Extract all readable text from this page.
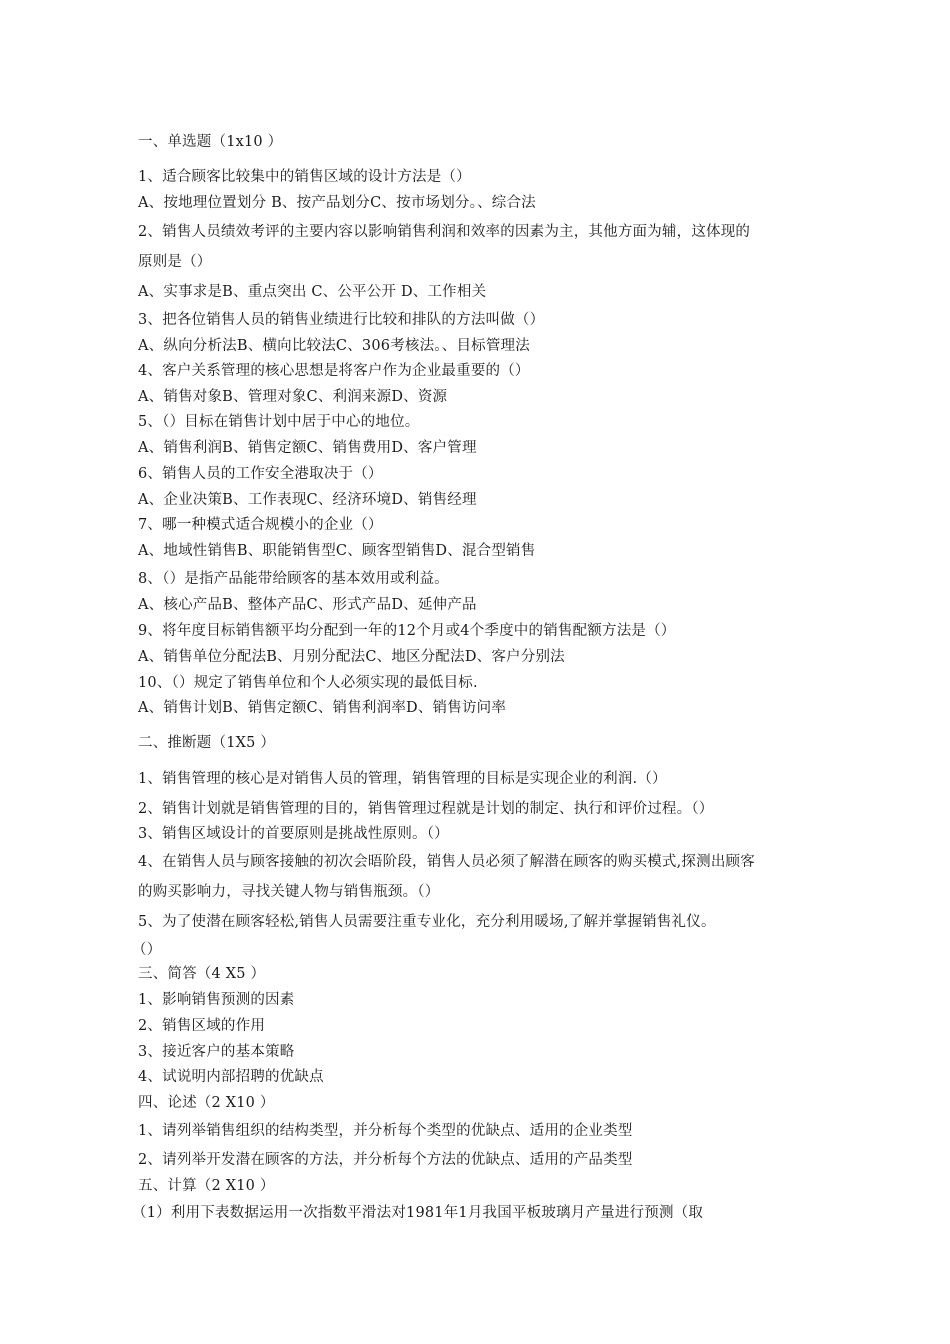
一、单选题（1x10 ）
1、适合顾客比较集中的销售区域的设计方法是（）
A、按地理位置划分 B、按产品划分C、按市场划分。、综合法
2、销售人员绩效考评的主要内容以影响销售利润和效率的因素为主，其他方面为辅，这体现的
原则是（）
A、实事求是B、重点突出 C、公平公开 D、工作相关
3、把各位销售人员的销售业绩进行比较和排队的方法叫做（）
A、纵向分析法B、横向比较法C、306考核法。、目标管理法
4、客户关系管理的核心思想是将客户作为企业最重要的（）
A、销售对象B、管理对象C、利润来源D、资源
5、（）目标在销售计划中居于中心的地位。
A、销售利润B、销售定额C、销售费用D、客户管理
6、销售人员的工作安全港取决于（）
A、企业决策B、工作表现C、经济环境D、销售经理
7、哪一种模式适合规模小的企业（）
A、地域性销售B、职能销售型C、顾客型销售D、混合型销售
8、（）是指产品能带给顾客的基本效用或利益。
A、核心产品B、整体产品C、形式产品D、延伸产品
9、将年度目标销售额平均分配到一年的12个月或4个季度中的销售配额方法是（）
A、销售单位分配法B、月别分配法C、地区分配法D、客户分别法
10、（）规定了销售单位和个人必须实现的最低目标.
A、销售计划B、销售定额C、销售利润率D、销售访问率
二、推断题（1X5 ）
1、销售管理的核心是对销售人员的管理，销售管理的目标是实现企业的利润.（）
2、销售计划就是销售管理的目的，销售管理过程就是计划的制定、执行和评价过程。（）
3、销售区域设计的首要原则是挑战性原则。（）
4、在销售人员与顾客接触的初次会晤阶段，销售人员必须了解潜在顾客的购买模式,探测出顾客
的购买影响力，寻找关键人物与销售瓶颈。（）
5、为了使潜在顾客轻松,销售人员需要注重专业化，充分利用暖场,了解并掌握销售礼仪。
（）
三、简答（4 X5 ）
1、影响销售预测的因素
2、销售区域的作用
3、接近客户的基本策略
4、试说明内部招聘的优缺点
四、论述（2 X10 ）
1、请列举销售组织的结构类型，并分析每个类型的优缺点、适用的企业类型
2、请列举开发潜在顾客的方法，并分析每个方法的优缺点、适用的产品类型
五、计算（2 X10 ）
（1）利用下表数据运用一次指数平滑法对1981年1月我国平板玻璃月产量进行预测（取
